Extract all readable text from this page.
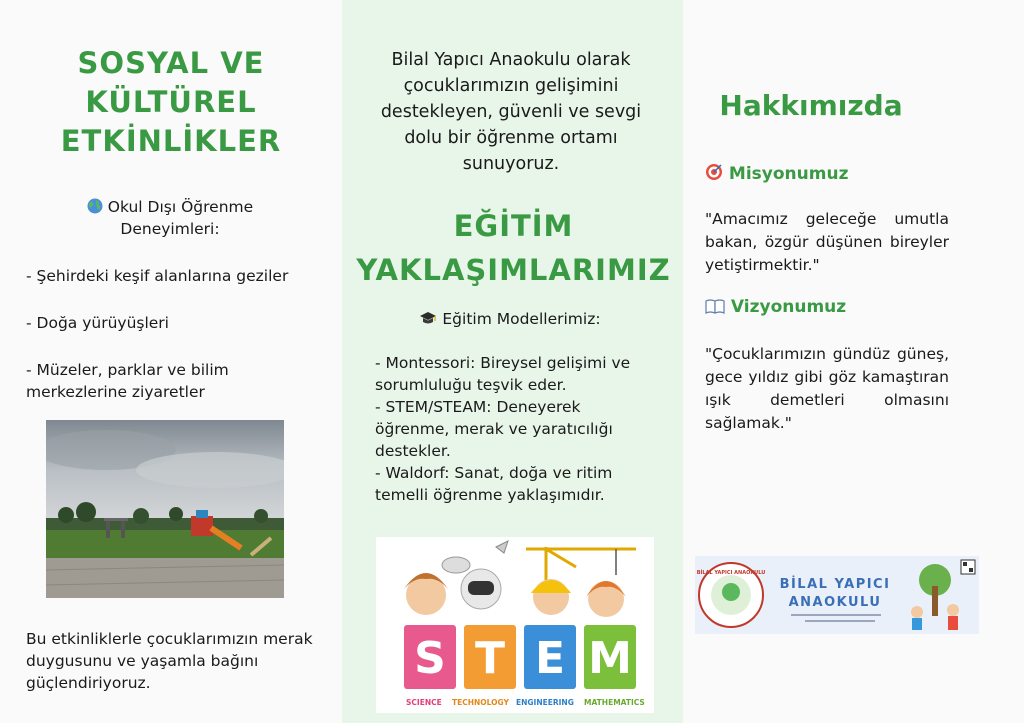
SOSYAL VE
KÜLTÜREL
ETKİNLİKLER
Okul Dışı Öğrenme
Deneyimleri:

- Şehirdeki keşif alanlarına geziler

- Doğa yürüyüşleri

- Müzeler, parklar ve bilim merkezlerine ziyaretler

Bu etkinliklerle çocuklarımızın merak duygusunu ve yaşamla bağını güçlendiriyoruz.
Bilal Yapıcı Anaokulu olarak çocuklarımızın gelişimini destekleyen, güvenli ve sevgi dolu bir öğrenme ortamı sunuyoruz.
EĞİTİM
YAKLAŞIMLARIMIZ
Eğitim Modellerimiz:

- Montessori: Bireysel gelişimi ve sorumluluğu teşvik eder.

- STEM/STEAM: Deneyerek öğrenme, merak ve yaratıcılığı destekler.

- Waldorf: Sanat, doğa ve ritim temelli öğrenme yaklaşımıdır.

S T E M
SCIENCE TECHNOLOGY ENGINEERING MATHEMATICS
Hakkımızda
Misyonumuz
"Amacımız geleceğe umutla bakan, özgür düşünen bireyler yetiştirmektir."
Vizyonumuz
"Çocuklarımızın gündüz güneş, gece yıldız gibi göz kamaştıran ışık demetleri olmasını sağlamak."
BİLAL YAPICI ANAOKULU
BİLAL YAPICI
ANAOKULU
